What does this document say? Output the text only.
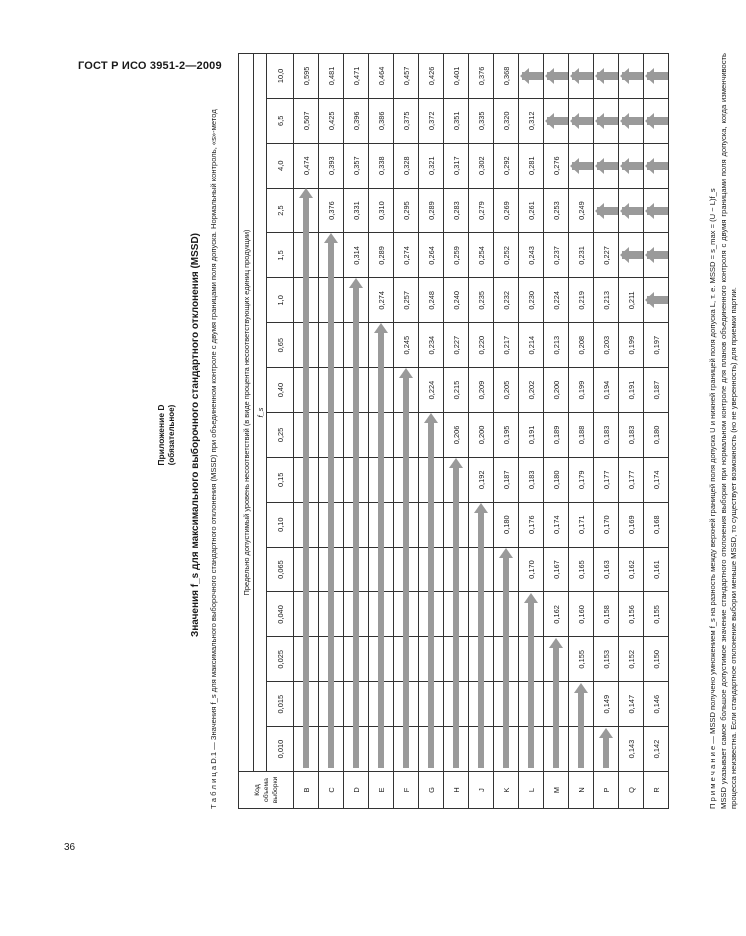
ГОСТ Р ИСО 3951-2—2009
Приложение D (обязательное) Значения f_s для максимального выборочного стандартного отклонения (MSSD) Т а б л и ц а D.1 — Значения f_s для максимального выборочного стандартного отклонения (MSSD) при объединенном контроле с двумя границами поля допуска. Нормальный контроль, «s»-метод	Код объема выборки	Предельно допустимый уровень несоответствий (в виде процента несоответствующих единиц продукции)															
	f_s															
	0,010	0,015	0,025	0,040	0,065	0,10	0,15	0,25	0,40	0,65	1,0	1,5	2,5	4,0	6,5	10,0
B														0,474	0,507	0,595
C													0,376	0,393	0,425	0,481
D												0,314	0,331	0,357	0,396	0,471
E											0,274	0,289	0,310	0,338	0,386	0,464
F										0,245	0,257	0,274	0,295	0,328	0,375	0,457
G									0,224	0,234	0,248	0,264	0,289	0,321	0,372	0,426
H								0,206	0,215	0,227	0,240	0,259	0,283	0,317	0,351	0,401
J							0,192	0,200	0,209	0,220	0,235	0,254	0,279	0,302	0,335	0,376
K						0,180	0,187	0,195	0,205	0,217	0,232	0,252	0,269	0,292	0,320	0,368
L					0,170	0,176	0,183	0,191	0,202	0,214	0,230	0,243	0,261	0,281	0,312	

M				0,162	0,167	0,174	0,180	0,189	0,200	0,213	0,224	0,237	0,253	0,276	

N			0,155	0,160	0,165	0,171	0,179	0,188	0,199	0,208	0,219	0,231	0,249	

P		0,149	0,153	0,158	0,163	0,170	0,177	0,183	0,194	0,203	0,213	0,227	

Q	0,143	0,147	0,152	0,156	0,162	0,169	0,177	0,183	0,191	0,199	0,211	

R	0,142	0,146	0,150	0,155	0,161	0,168	0,174	0,180	0,187	0,197	

		П р и м е ч а н и е — MSSD получено умножением f_s на разность между верхней границей поля допуска U и нижней границей поля допуска L, т. е. MSSD = s_max = (U − L)f_s MSSD указывает самое большое допустимое значение стандартного отклонения выборки при нормальном контроле для планов объединенного контроля с двумя границами поля допуска, когда изменчивость процесса неизвестна. Если стандартное отклонение выборки меньше MSSD, то существует возможность (но не уверенность) для приемки партии.

36
